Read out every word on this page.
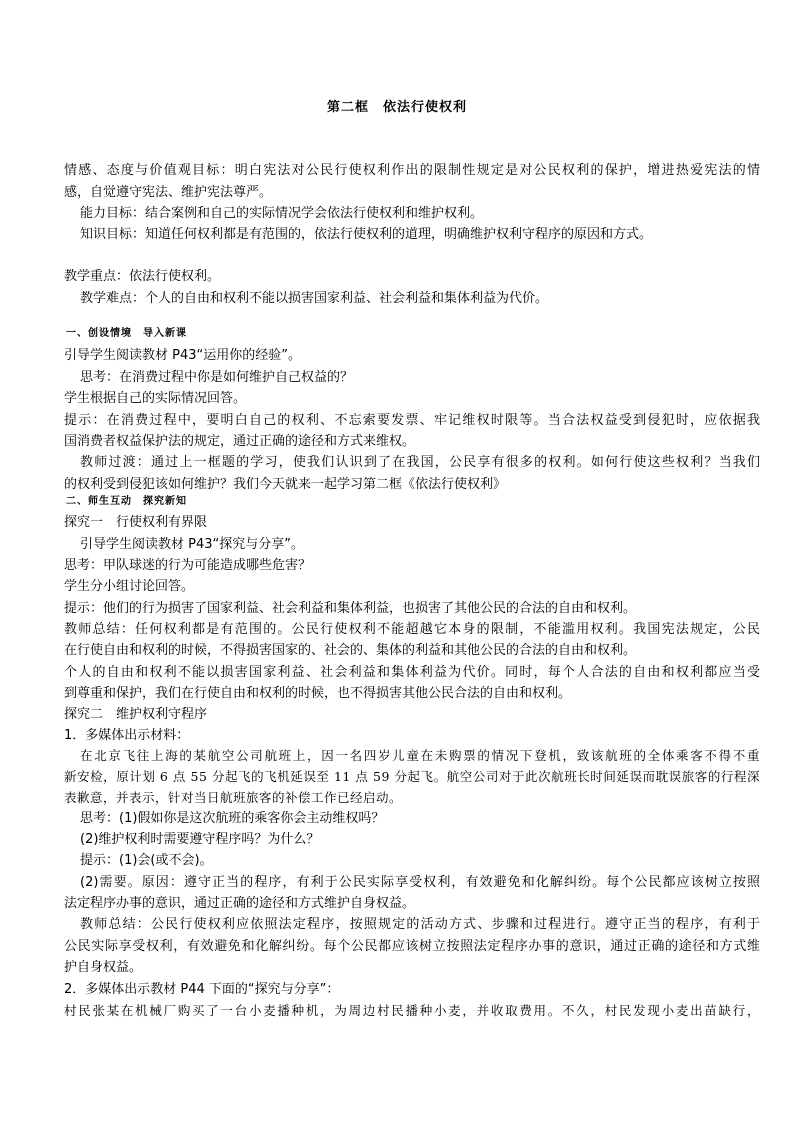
第二框　依法行使权利
情感、态度与价值观目标：明白宪法对公民行使权利作出的限制性规定是对公民权利的保护，增进热爱宪法的情
感，自觉遵守宪法、维护宪法尊严。
能力目标：结合案例和自己的实际情况学会依法行使权利和维护权利。
知识目标：知道任何权利都是有范围的，依法行使权利的道理，明确维护权利守程序的原因和方式。
教学重点：依法行使权利。
教学难点：个人的自由和权利不能以损害国家利益、社会利益和集体利益为代价。
一、创设情境　导入新课
引导学生阅读教材 P43“运用你的经验”。
思考：在消费过程中你是如何维护自己权益的？
学生根据自己的实际情况回答。
提示：在消费过程中，要明白自己的权利、不忘索要发票、牢记维权时限等。当合法权益受到侵犯时，应依据我
国消费者权益保护法的规定，通过正确的途径和方式来维权。
教师过渡：通过上一框题的学习，使我们认识到了在我国，公民享有很多的权利。如何行使这些权利？当我们
的权利受到侵犯该如何维护？我们今天就来一起学习第二框《依法行使权利》
二、师生互动　探究新知
探究一　行使权利有界限
引导学生阅读教材 P43“探究与分享”。
思考：甲队球迷的行为可能造成哪些危害？
学生分小组讨论回答。
提示：他们的行为损害了国家利益、社会利益和集体利益，也损害了其他公民的合法的自由和权利。
教师总结：任何权利都是有范围的。公民行使权利不能超越它本身的限制，不能滥用权利。我国宪法规定，公民
在行使自由和权利的时候，不得损害国家的、社会的、集体的利益和其他公民的合法的自由和权利。
个人的自由和权利不能以损害国家利益、社会利益和集体利益为代价。同时，每个人合法的自由和权利都应当受
到尊重和保护，我们在行使自由和权利的时候，也不得损害其他公民合法的自由和权利。
探究二　维护权利守程序
1．多媒体出示材料：
在北京飞往上海的某航空公司航班上，因一名四岁儿童在未购票的情况下登机，致该航班的全体乘客不得不重
新安检，原计划 6 点 55 分起飞的飞机延误至 11 点 59 分起飞。航空公司对于此次航班长时间延误而耽误旅客的行程深
表歉意，并表示，针对当日航班旅客的补偿工作已经启动。
思考：(1)假如你是这次航班的乘客你会主动维权吗？
(2)维护权利时需要遵守程序吗？为什么？
提示：(1)会(或不会)。
(2)需要。原因：遵守正当的程序，有利于公民实际享受权利，有效避免和化解纠纷。每个公民都应该树立按照
法定程序办事的意识，通过正确的途径和方式维护自身权益。
教师总结：公民行使权利应依照法定程序，按照规定的活动方式、步骤和过程进行。遵守正当的程序，有利于
公民实际享受权利，有效避免和化解纠纷。每个公民都应该树立按照法定程序办事的意识，通过正确的途径和方式维
护自身权益。
2．多媒体出示教材 P44 下面的“探究与分享”：
村民张某在机械厂购买了一台小麦播种机，为周边村民播种小麦，并收取费用。不久，村民发现小麦出苗缺行，
